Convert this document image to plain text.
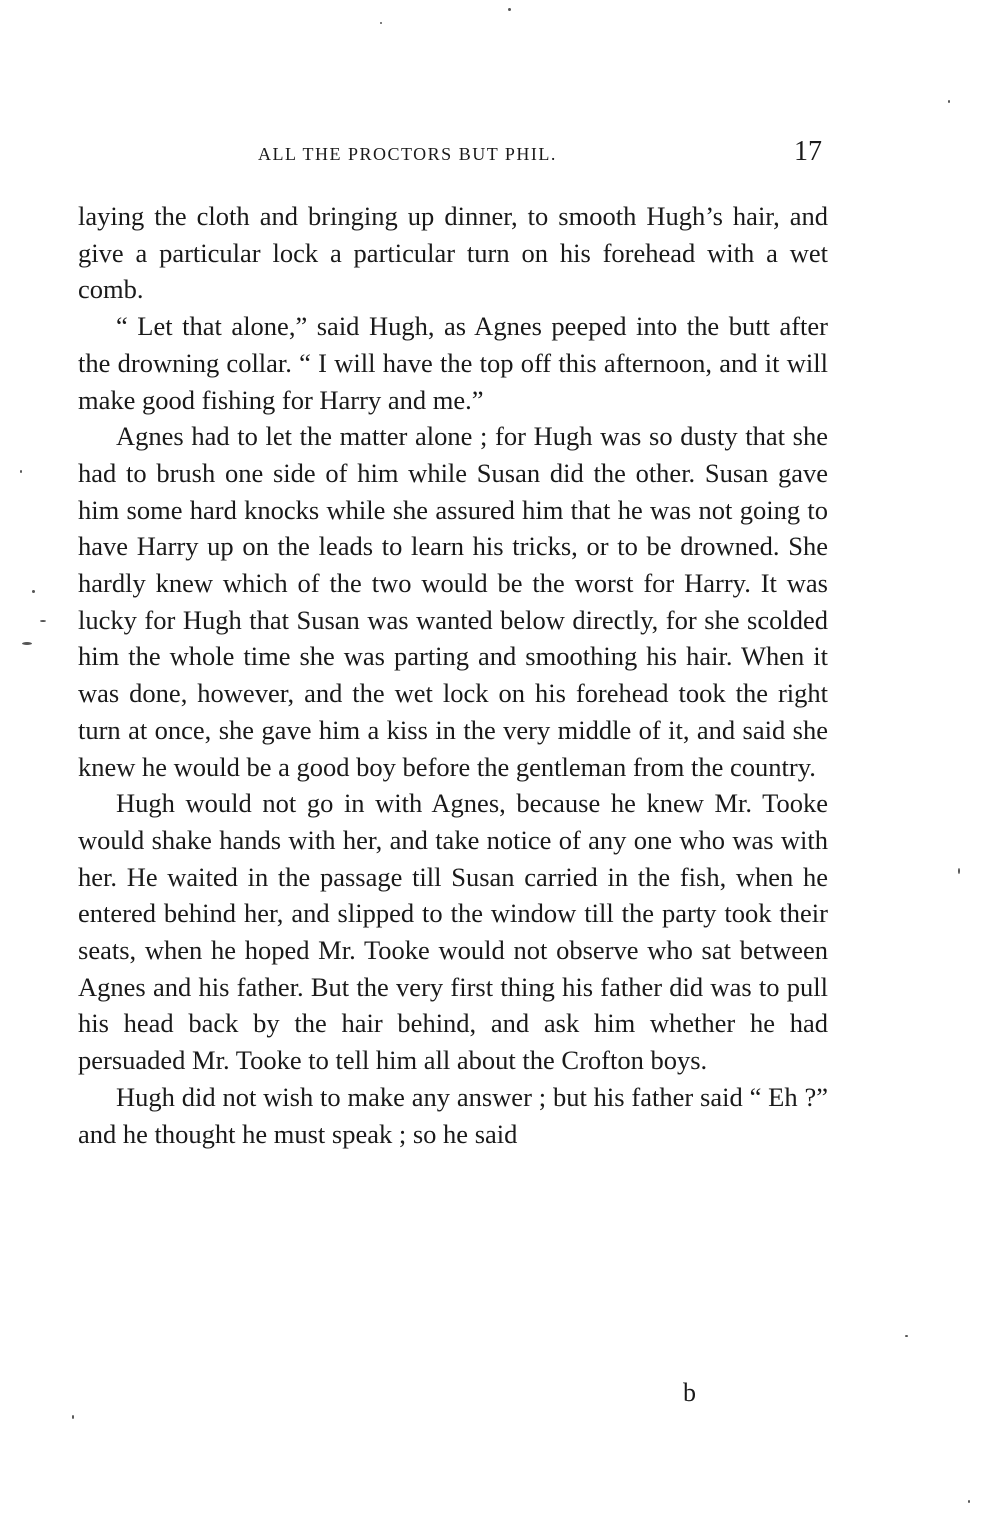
ALL THE PROCTORS BUT PHIL.	17

laying the cloth and bringing up dinner, to smooth Hugh’s hair, and give a particular lock a particular turn on his forehead with a wet comb.

“ Let that alone,” said Hugh, as Agnes peeped into the butt after the drowning collar. “ I will have the top off this afternoon, and it will make good fishing for Harry and me.”

Agnes had to let the matter alone ; for Hugh was so dusty that she had to brush one side of him while Susan did the other. Susan gave him some hard knocks while she assured him that he was not going to have Harry up on the leads to learn his tricks, or to be drowned. She hardly knew which of the two would be the worst for Harry. It was lucky for Hugh that Susan was wanted below directly, for she scolded him the whole time she was parting and smoothing his hair. When it was done, however, and the wet lock on his forehead took the right turn at once, she gave him a kiss in the very middle of it, and said she knew he would be a good boy before the gentleman from the country.

Hugh would not go in with Agnes, because he knew Mr. Tooke would shake hands with her, and take notice of any one who was with her. He waited in the passage till Susan carried in the fish, when he entered behind her, and slipped to the window till the party took their seats, when he hoped Mr. Tooke would not observe who sat between Agnes and his father. But the very first thing his father did was to pull his head back by the hair behind, and ask him whether he had persuaded Mr. Tooke to tell him all about the Crofton boys.

Hugh did not wish to make any answer ; but his father said “ Eh ?” and he thought he must speak ; so he said

b
